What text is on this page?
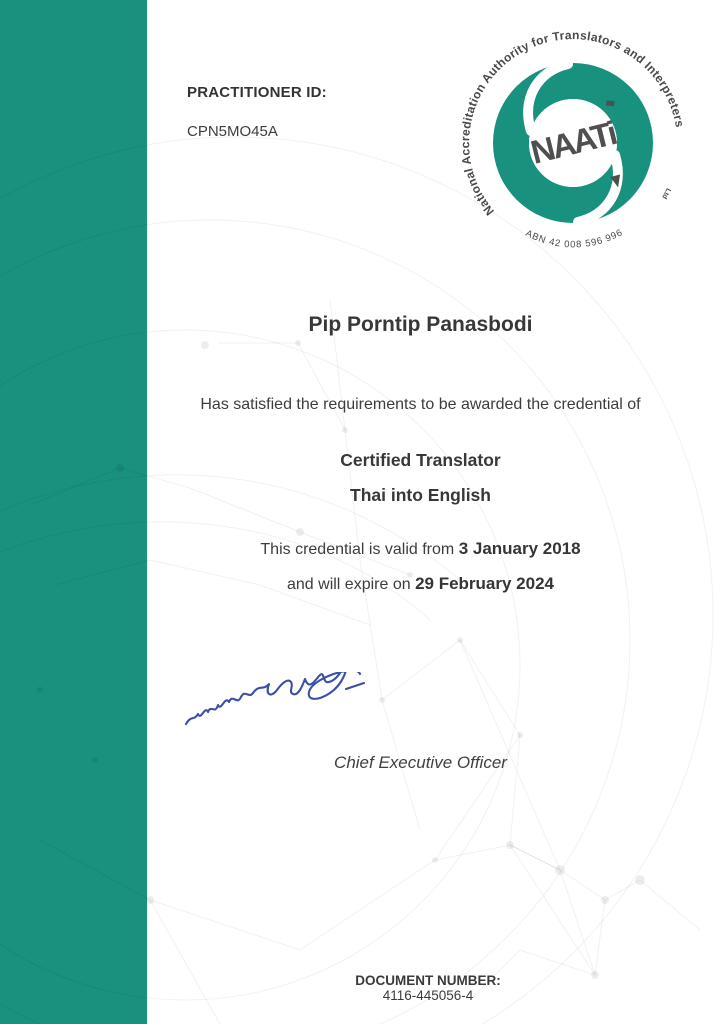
PRACTITIONER ID:
CPN5MO45A	NAATi
National Accreditation Authority for Translators and Interpreters
Ltd
ABN 42 008 596 996
Pip Porntip Panasbodi
Has satisfied the requirements to be awarded the credential of
Certified Translator
Thai into English
This credential is valid from 3 January 2018
and will expire on 29 February 2024
Chief Executive Officer

DOCUMENT NUMBER:
4116-445056-4
